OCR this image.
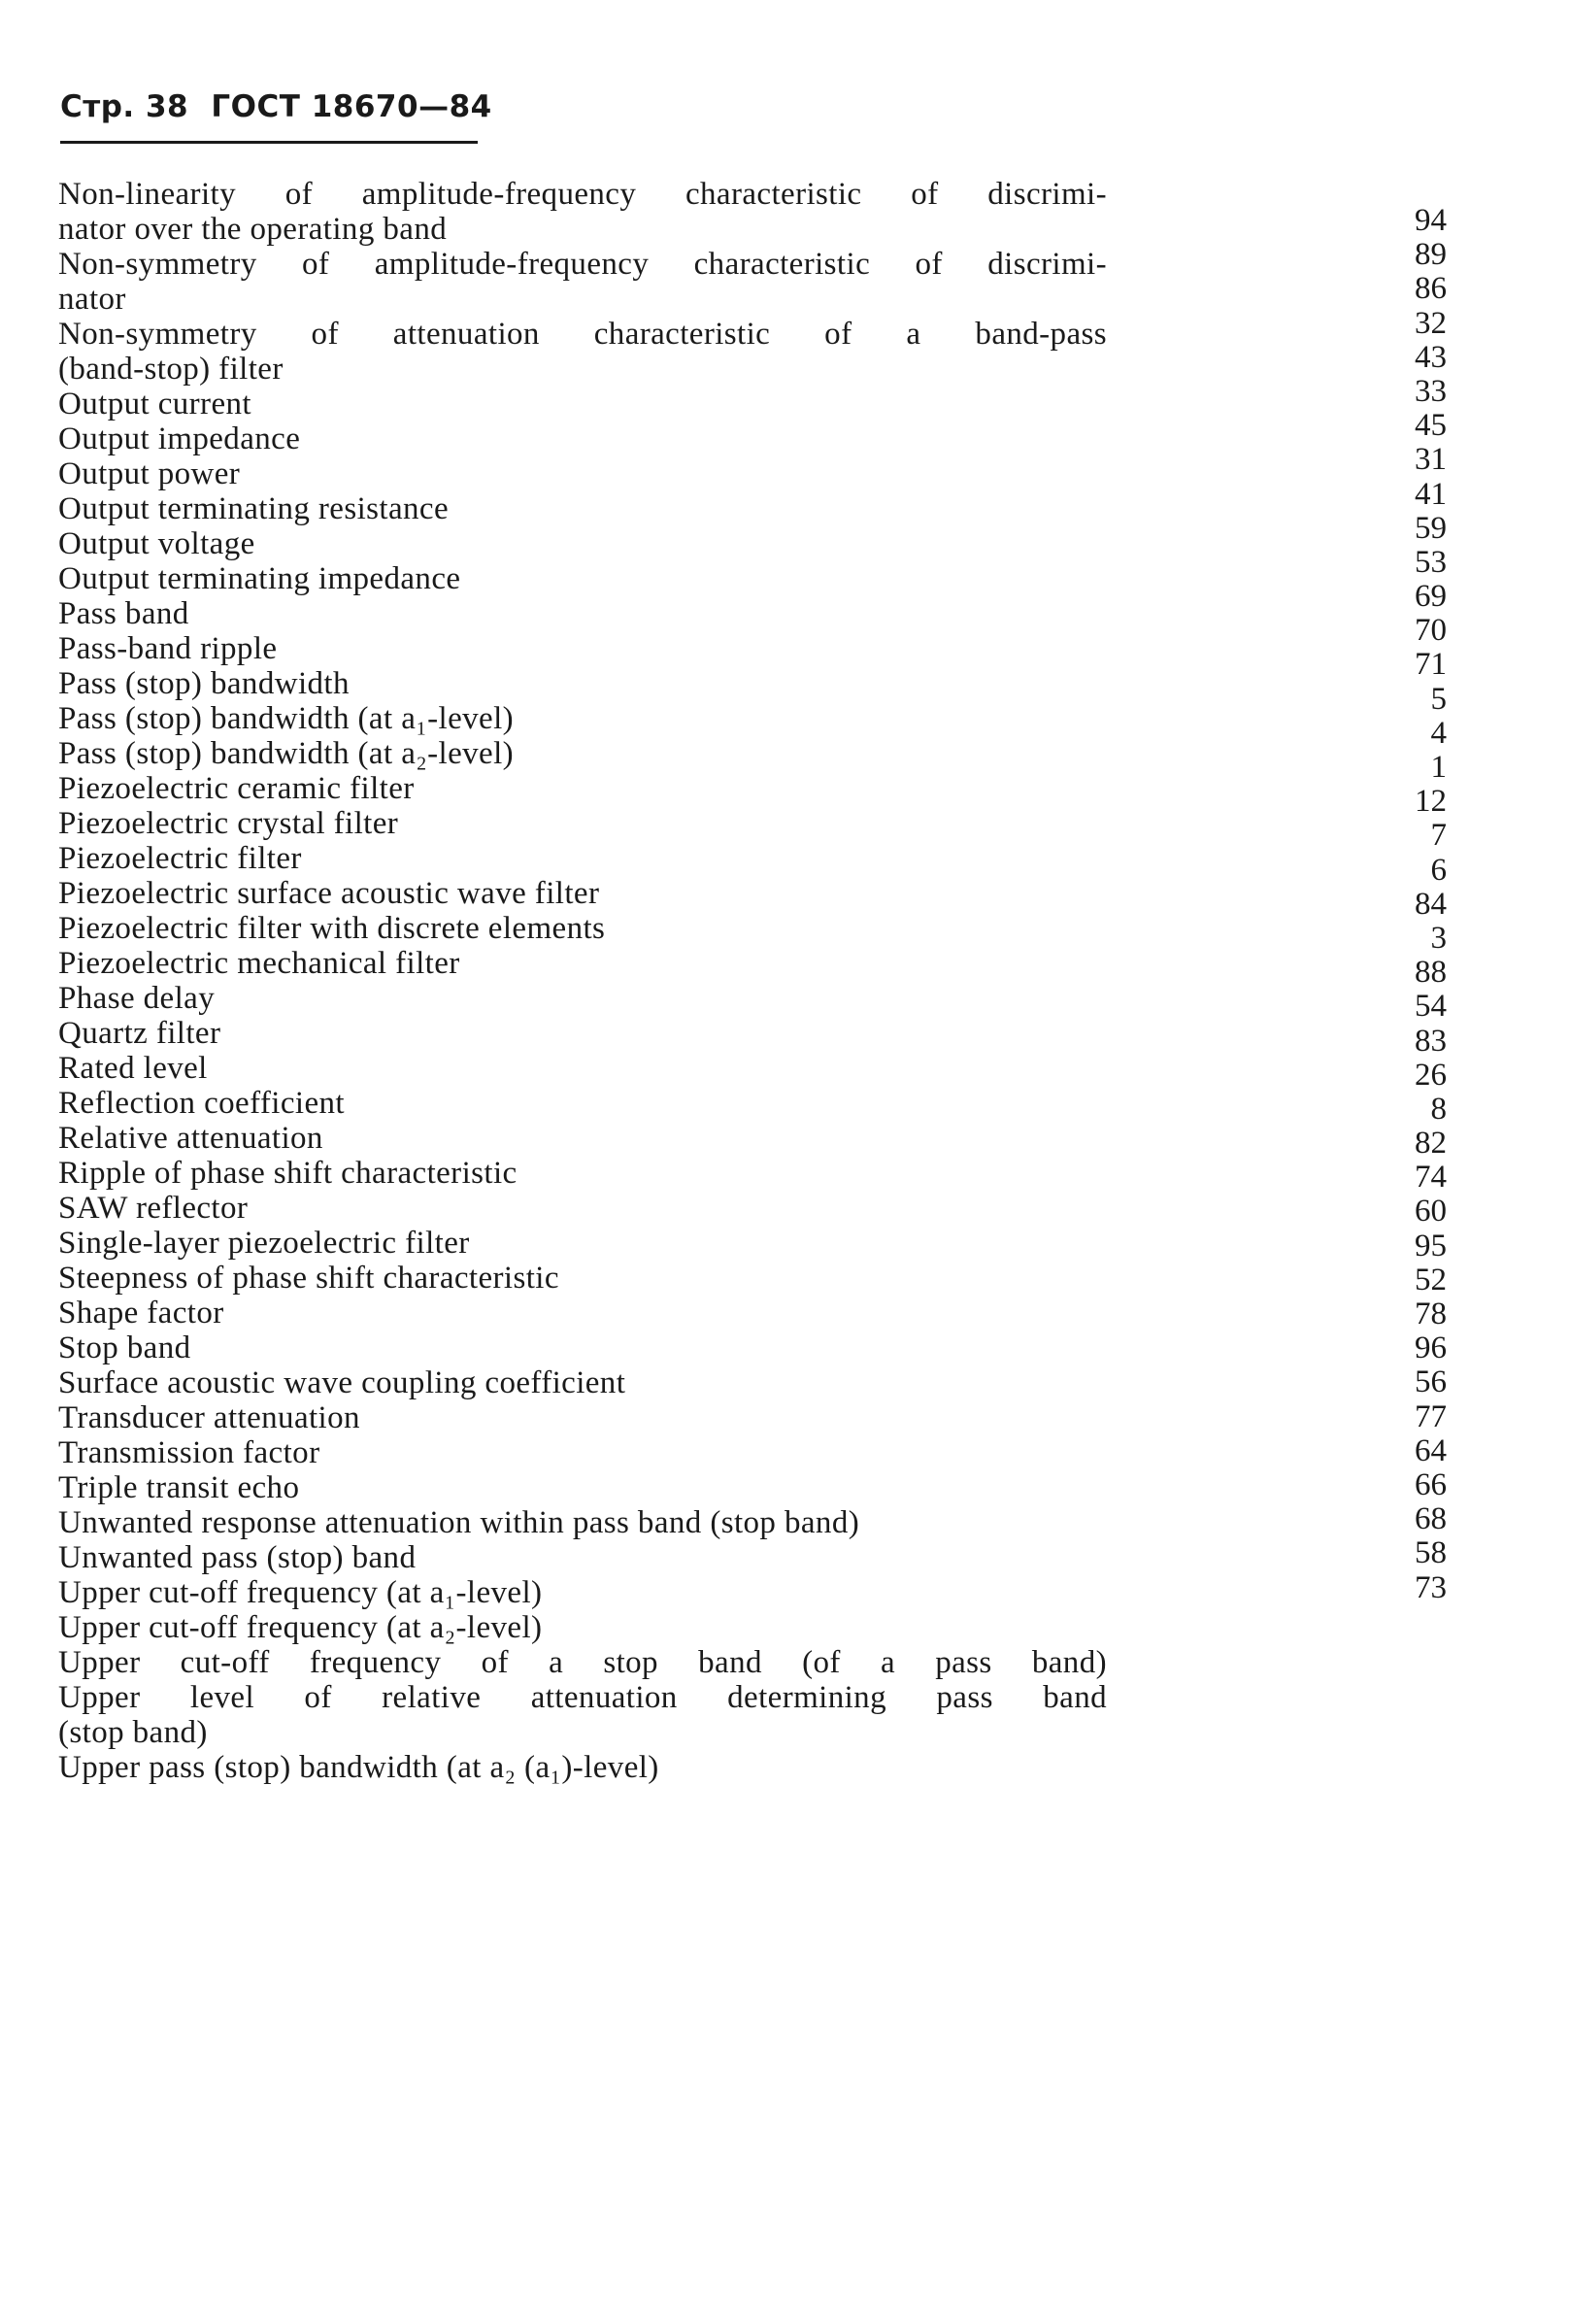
Стр. 38 ГОСТ 18670—84
Non-linearity of amplitude-frequency characteristic of discrimi-
nator over the operating band
Non-symmetry of amplitude-frequency characteristic of discrimi-
nator
Non-symmetry of attenuation characteristic of a band-pass
(band-stop) filter
Output current
Output impedance
Output power
Output terminating resistance
Output voltage
Output terminating impedance
Pass band
Pass-band ripple
Pass (stop) bandwidth
Pass (stop) bandwidth (at a₁-level)
Pass (stop) bandwidth (at a₂-level)
Piezoelectric ceramic filter
Piezoelectric crystal filter
Piezoelectric filter
Piezoelectric surface acoustic wave filter
Piezoelectric filter with discrete elements
Piezoelectric mechanical filter
Phase delay
Quartz filter
Rated level
Reflection coefficient
Relative attenuation
Ripple of phase shift characteristic
SAW reflector
Single-layer piezoelectric filter
Steepness of phase shift characteristic
Shape factor
Stop band
Surface acoustic wave coupling coefficient
Transducer attenuation
Transmission factor
Triple transit echo
Unwanted response attenuation within pass band (stop band)
Unwanted pass (stop) band
Upper cut-off frequency (at a₁-level)
Upper cut-off frequency (at a₂-level)
Upper cut-off frequency of a stop band (of a pass band)
Upper level of relative attenuation determining pass band
(stop band)
Upper pass (stop) bandwidth (at a₂ (a₁)-level)
94
89
86
32
43
33
45
31
41
59
53
69
70
71
5
4
1
12
7
6
84
3
88
54
83
26
8
82
74
60
95
52
78
96
56
77
64
66
68
58
73
